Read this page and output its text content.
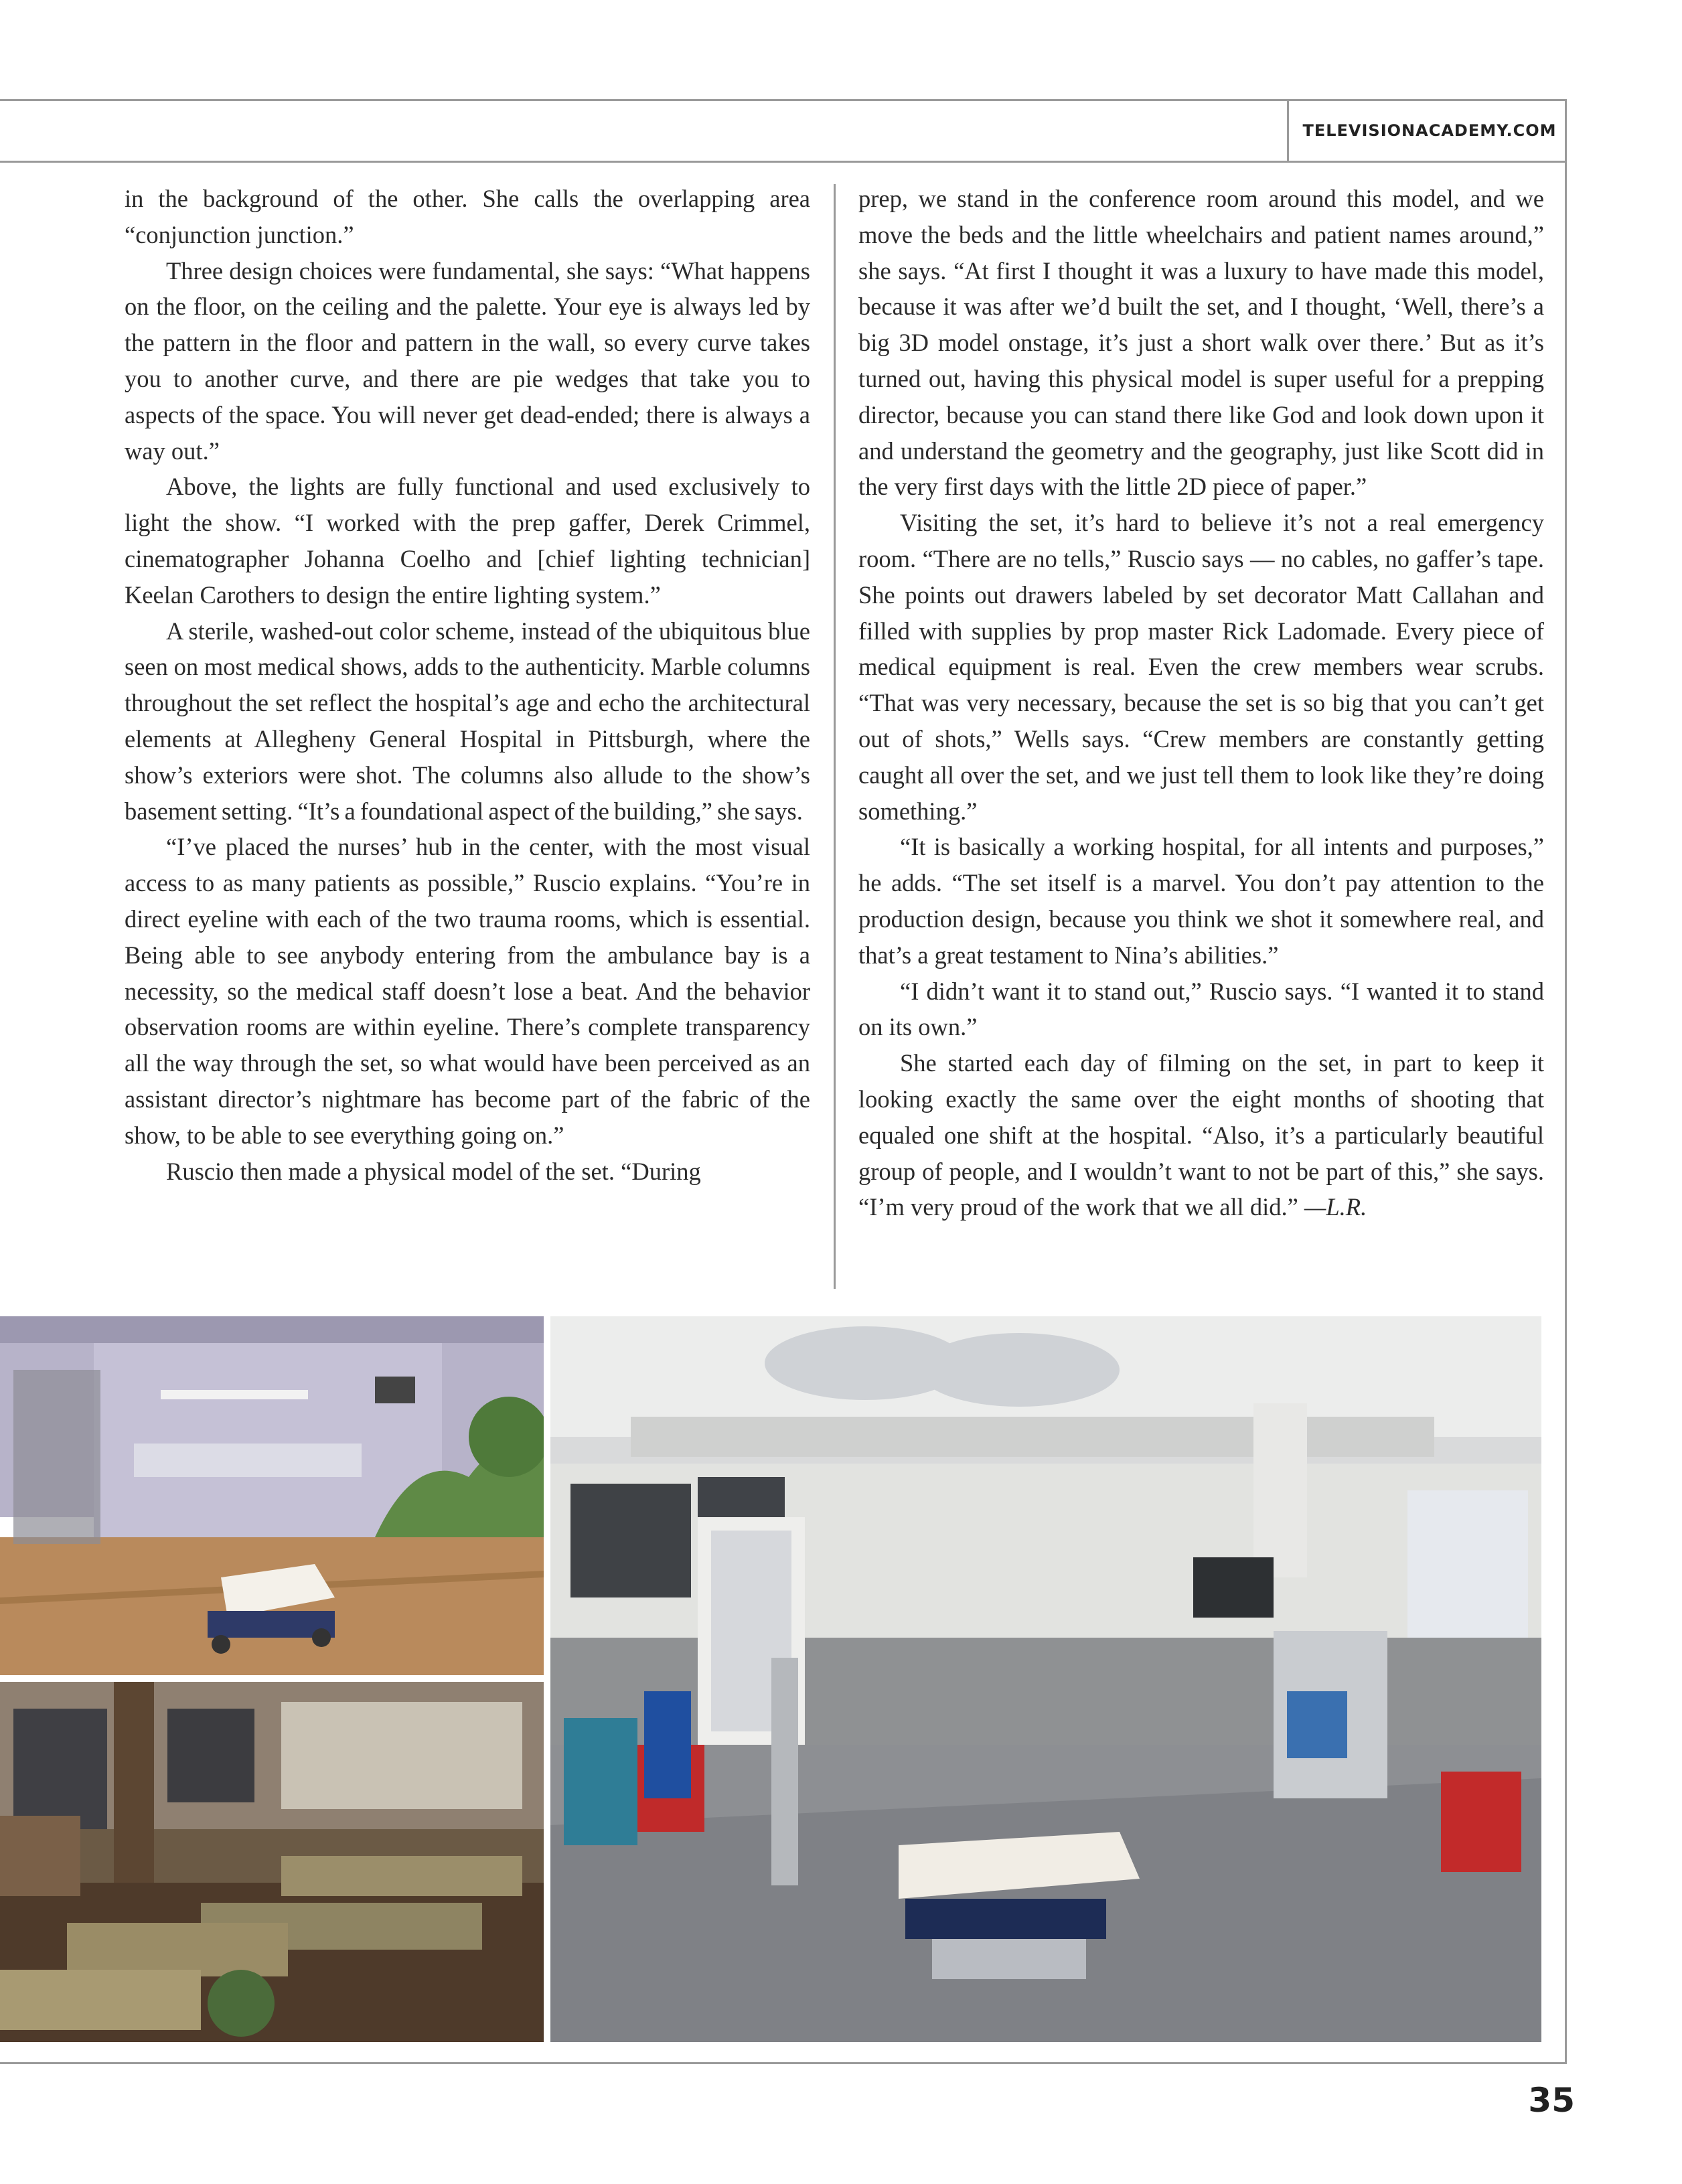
TELEVISIONACADEMY.COM

in the background of the other. She calls the overlapping area “conjunction junction.”

Three design choices were fundamental, she says: “What happens on the floor, on the ceiling and the palette. Your eye is always led by the pattern in the floor and pattern in the wall, so every curve takes you to another curve, and there are pie wedges that take you to aspects of the space. You will never get dead-ended; there is always a way out.”

Above, the lights are fully functional and used exclusively to light the show. “I worked with the prep gaffer, Derek Crimmel, cinematographer Johanna Coelho and [chief lighting technician] Keelan Carothers to design the entire lighting system.”

A sterile, washed-out color scheme, instead of the ubiquitous blue seen on most medical shows, adds to the authenticity. Marble columns throughout the set reflect the hospital’s age and echo the architectural elements at Allegheny General Hospital in Pittsburgh, where the show’s exteriors were shot. The columns also allude to the show’s basement setting. “It’s a foundational aspect of the building,” she says.

“I’ve placed the nurses’ hub in the center, with the most visual access to as many patients as possible,” Ruscio explains. “You’re in direct eyeline with each of the two trauma rooms, which is essential. Being able to see anybody entering from the ambulance bay is a necessity, so the medical staff doesn’t lose a beat. And the behavior observation rooms are within eyeline. There’s complete transparency all the way through the set, so what would have been perceived as an assistant director’s nightmare has become part of the fabric of the show, to be able to see everything going on.”

Ruscio then made a physical model of the set. “During

prep, we stand in the conference room around this model, and we move the beds and the little wheelchairs and patient names around,” she says. “At first I thought it was a luxury to have made this model, because it was after we’d built the set, and I thought, ‘Well, there’s a big 3D model onstage, it’s just a short walk over there.’ But as it’s turned out, having this physical model is super useful for a prepping director, because you can stand there like God and look down upon it and understand the geometry and the geography, just like Scott did in the very first days with the little 2D piece of paper.”

Visiting the set, it’s hard to believe it’s not a real emergency room. “There are no tells,” Ruscio says — no cables, no gaffer’s tape. She points out drawers labeled by set decorator Matt Callahan and filled with supplies by prop master Rick Ladomade. Every piece of medical equipment is real. Even the crew members wear scrubs. “That was very necessary, because the set is so big that you can’t get out of shots,” Wells says. “Crew members are constantly getting caught all over the set, and we just tell them to look like they’re doing something.”

“It is basically a working hospital, for all intents and purposes,” he adds. “The set itself is a marvel. You don’t pay attention to the production design, because you think we shot it somewhere real, and that’s a great testament to Nina’s abilities.”

“I didn’t want it to stand out,” Ruscio says. “I wanted it to stand on its own.”

She started each day of filming on the set, in part to keep it looking exactly the same over the eight months of shooting that equaled one shift at the hospital. “Also, it’s a particularly beautiful group of people, and I wouldn’t want to not be part of this,” she says. “I’m very proud of the work that we all did.” —L.R.

35
